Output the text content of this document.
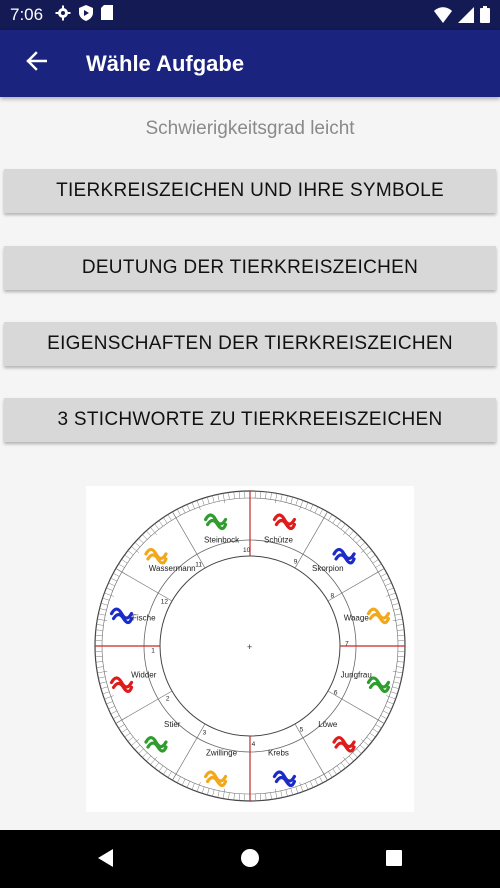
7:06
Wähle Aufgabe
Schwierigkeitsgrad leicht
TIERKREISZEICHEN UND IHRE SYMBOLE
DEUTUNG DER TIERKREISZEICHEN
EIGENSCHAFTEN DER TIERKREISZEICHEN
3 STICHWORTE ZU TIERKREEISZEICHEN
+
Steinbock
10
Schütze
9
Skorpion
8
Waage
7
Jungfrau
6
Löwe
5
Krebs
4
Zwillinge
3
Stier
2
Widder
1
Fische
12
Wassermann 11
